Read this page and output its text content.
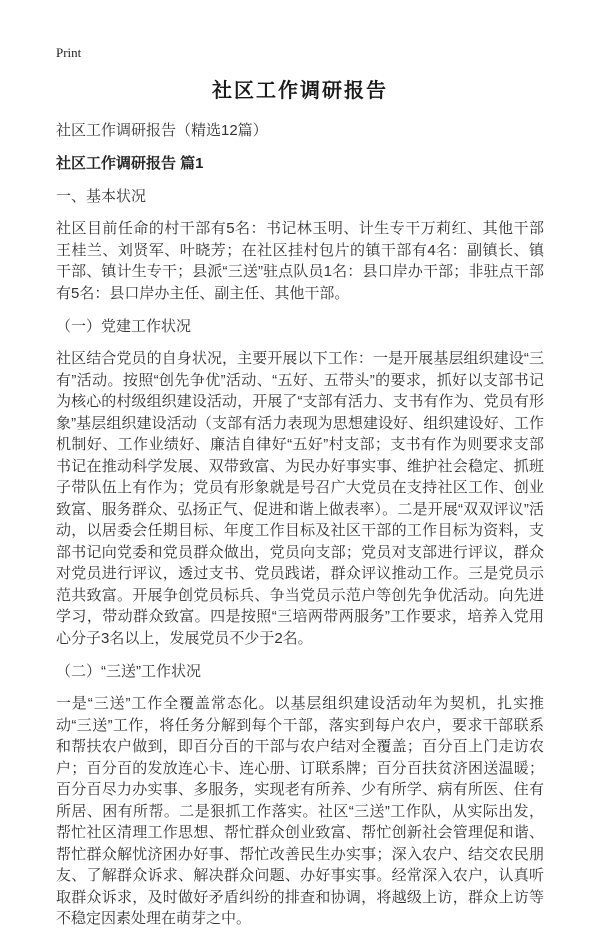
Print
社区工作调研报告

社区工作调研报告（精选12篇）

社区工作调研报告 篇1
一、基本状况

社区目前任命的村干部有5名：书记林玉明、计生专干万莉红、其他干部王桂兰、刘贤军、叶晓芳；在社区挂村包片的镇干部有4名：副镇长、镇干部、镇计生专干；县派“三送”驻点队员1名：县口岸办干部；非驻点干部有5名：县口岸办主任、副主任、其他干部。

（一）党建工作状况

社区结合党员的自身状况，主要开展以下工作：一是开展基层组织建设“三有”活动。按照“创先争优”活动、“五好、五带头”的要求，抓好以支部书记为核心的村级组织建设活动，开展了“支部有活力、支书有作为、党员有形象”基层组织建设活动（支部有活力表现为思想建设好、组织建设好、工作机制好、工作业绩好、廉洁自律好“五好”村支部；支书有作为则要求支部书记在推动科学发展、双带致富、为民办好事实事、维护社会稳定、抓班子带队伍上有作为；党员有形象就是号召广大党员在支持社区工作、创业致富、服务群众、弘扬正气、促进和谐上做表率）。二是开展“双双评议”活动，以居委会任期目标、年度工作目标及社区干部的工作目标为资料，支部书记向党委和党员群众做出，党员向支部；党员对支部进行评议，群众对党员进行评议，透过支书、党员践诺，群众评议推动工作。三是党员示范共致富。开展争创党员标兵、争当党员示范户等创先争优活动。向先进学习，带动群众致富。四是按照“三培两带两服务”工作要求，培养入党用心分子3名以上，发展党员不少于2名。

（二）“三送”工作状况

一是“三送”工作全覆盖常态化。以基层组织建设活动年为契机，扎实推动“三送”工作，将任务分解到每个干部，落实到每户农户，要求干部联系和帮扶农户做到，即百分百的干部与农户结对全覆盖；百分百上门走访农户；百分百的发放连心卡、连心册、订联系牌；百分百扶贫济困送温暖；百分百尽力办实事、多服务，实现老有所养、少有所学、病有所医、住有所居、困有所帮。二是狠抓工作落实。社区“三送”工作队，从实际出发，帮忙社区清理工作思想、帮忙群众创业致富、帮忙创新社会管理促和谐、帮忙群众解忧济困办好事、帮忙改善民生办实事；深入农户、结交农民朋友、了解群众诉求、解决群众问题、办好事实事。经常深入农户，认真听取群众诉求，及时做好矛盾纠纷的排查和协调，将越级上访，群众上访等不稳定因素处理在萌芽之中。
